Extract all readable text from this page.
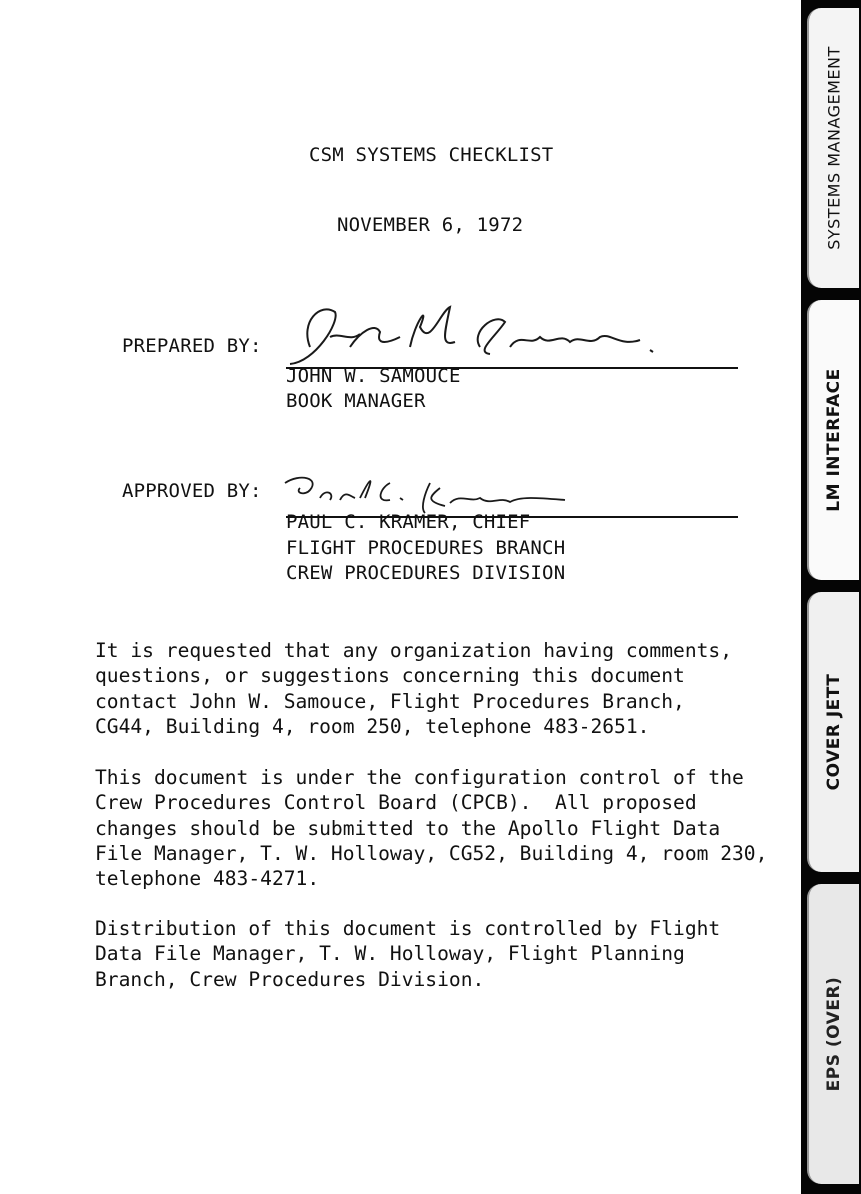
CSM SYSTEMS CHECKLIST
NOVEMBER 6, 1972
PREPARED BY:
JOHN W. SAMOUCE
BOOK MANAGER
APPROVED BY:
PAUL C. KRAMER, CHIEF
FLIGHT PROCEDURES BRANCH
CREW PROCEDURES DIVISION
It is requested that any organization having comments,
questions, or suggestions concerning this document
contact John W. Samouce, Flight Procedures Branch,
CG44, Building 4, room 250, telephone 483-2651.
This document is under the configuration control of the
Crew Procedures Control Board (CPCB).  All proposed
changes should be submitted to the Apollo Flight Data
File Manager, T. W. Holloway, CG52, Building 4, room 230,
telephone 483-4271.
Distribution of this document is controlled by Flight
Data File Manager, T. W. Holloway, Flight Planning
Branch, Crew Procedures Division.
SYSTEMS MANAGEMENT
LM INTERFACE
COVER JETT
EPS (OVER)
